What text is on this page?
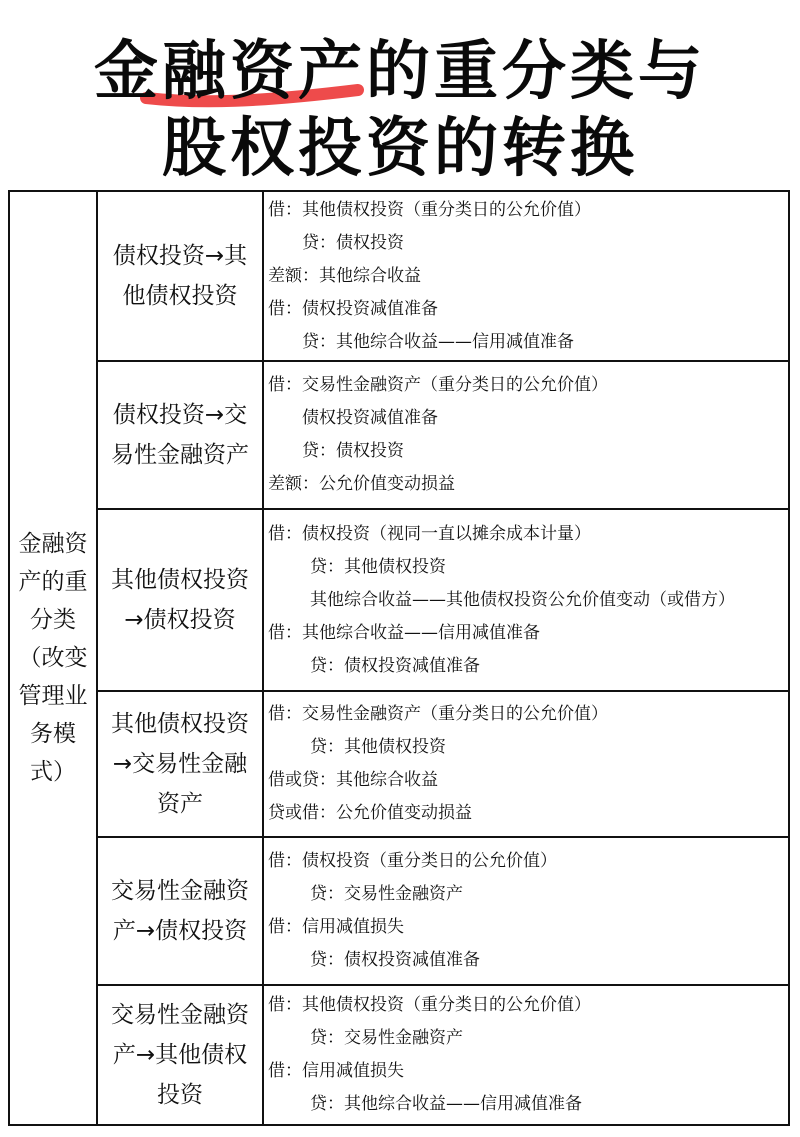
金融资产的重分类与
股权投资的转换
金融资产的重分类（改变管理业务模式）
债权投资→其他债权投资
借：其他债权投资（重分类日的公允价值）
贷：债权投资
差额：其他综合收益
借：债权投资减值准备
贷：其他综合收益——信用减值准备
债权投资→交易性金融资产
借：交易性金融资产（重分类日的公允价值）
债权投资减值准备
贷：债权投资
差额：公允价值变动损益
其他债权投资→债权投资
借：债权投资（视同一直以摊余成本计量）
贷：其他债权投资
其他综合收益——其他债权投资公允价值变动（或借方）
借：其他综合收益——信用减值准备
贷：债权投资减值准备
其他债权投资→交易性金融资产
借：交易性金融资产（重分类日的公允价值）
贷：其他债权投资
借或贷：其他综合收益
贷或借：公允价值变动损益
交易性金融资产→债权投资
借：债权投资（重分类日的公允价值）
贷：交易性金融资产
借：信用减值损失
贷：债权投资减值准备
交易性金融资产→其他债权投资
借：其他债权投资（重分类日的公允价值）
贷：交易性金融资产
借：信用减值损失
贷：其他综合收益——信用减值准备
